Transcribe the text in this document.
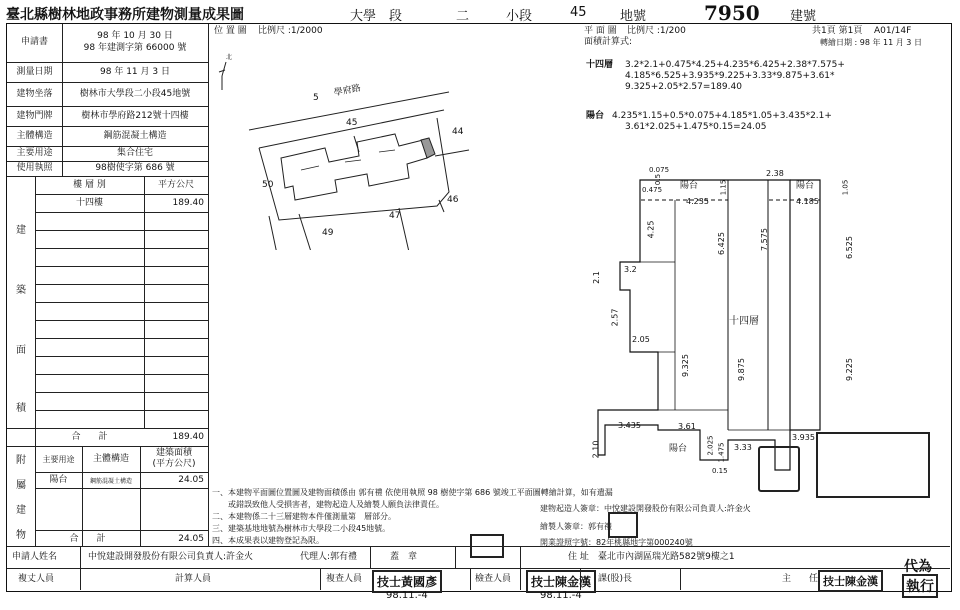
臺北縣樹林地政事務所建物測量成果圖	大學　段	二	小段	45	地號	7950 建號
申請書
98 年 10 月 30 日
98 年建測字第 66000 號
測量日期	98 年 11 月 3 日
建物坐落	樹林市大學段二小段45地號
建物門牌	樹林市學府路212號十四樓
主體構造	鋼筋混凝土構造
主要用途	集合住宅
使用執照	98樹使字第 686 號
樓 層 別	平方公尺
十四樓	189.40
建
築
面
積
合　　計	189.40
附
屬
建
物
主要用途	主體構造
建築面積
(平方公尺)
陽台	鋼筋混凝土構造	24.05
合　　計	24.05
位 置 圖 比例尺 :1/2000
北
5
45
44
50
47
46
49
學府路
平 面 圖 比例尺 :1/200	共1頁 第1頁 A01/14F
面積計算式:	轉繪日期 : 98 年 11 月 3 日
十四層 3.2*2.1+0.475*4.25+4.235*6.425+2.38*7.575+
4.185*6.525+3.935*9.225+3.33*9.875+3.61*
9.325+2.05*2.57=189.40
陽台 4.235*1.15+0.5*0.075+4.185*1.05+3.435*2.1+
3.61*2.025+1.475*0.15=24.05
0.075	2.38
0.475
0.5
1.15
4.235	4.185
1.05
4.25
6.425	7.575	6.525
2.1
3.2
2.57
2.05
9.325	9.875	9.225
3.435	3.61
3.935
2.10	2.025 1.475 3.33
0.15
陽台	陽台
十四層
陽台
一、本建物平面圖位置圖及建物面積係由 郭有禮 依使用執照 98 樹使字第 686 號竣工平面圖轉繪計算，如有遺漏
　　或錯誤致他人受損害者，建物起造人及繪製人願負法律責任。
二、本建物係二十三層建物本件僅測量第　層部分。
三、建築基地地號為樹林市大學段二小段45地號。
四、本成果表以建物登記為限。
建物起造人簽章：中悅建設開發股份有限公司負責人:許金火
繪製人簽章：郭有禮
開業證照字號：82年桃縣地字第000240號
申請人姓名	中悅建設開發股份有限公司負責人:許金火	代理人:郭有禮	蓋　章	住 址 臺北市內湖區瑞光路582號9樓之1
複丈人員	計算人員	複查人員	檢查人員	課(股)長	主　　任
技士黃國彥
98.11.-4
技士陳金漢
98.11.-4
技士陳金漢
代為
執行
